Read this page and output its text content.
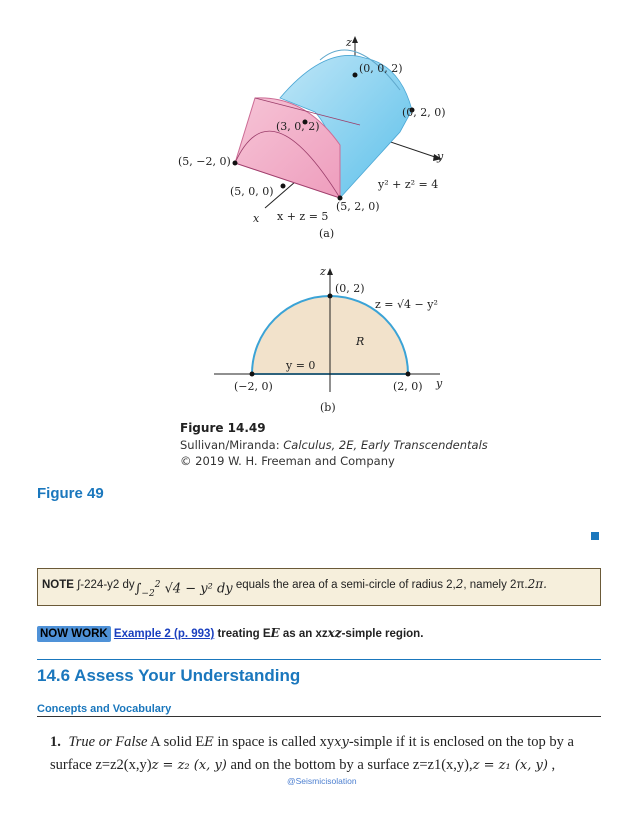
z
(0, 0, 2)
(0, 2, 0)
(3, 0, 2)
y
(5, −2, 0)
(5, 0, 0)
y² + z² = 4
(5, 2, 0)
x x + z = 5
(a)
z
(0, 2)
z = √4 − y²
R
y = 0
(−2, 0)	(2, 0) y
(b)
Figure 14.49
Sullivan/Miranda: Calculus, 2E, Early Transcendentals
© 2019 W. H. Freeman and Company
Figure 49
NOTE ∫-224-y2 $dy\int_{-2}^2$ √4 − y² dy equals the area of a semi-circle of radius 2,2, namely 2π.2π.
NOW WORK Example 2 (p. 993) treating EE as an xzxz-simple region.
14.6 Assess Your Understanding
Concepts and Vocabulary
1. True or False A solid EE in space is called xyxy-simple if it is enclosed on the top by a surface z=z2(x,y)z = z₂ (x, y) and on the bottom by a surface z=z1(x,y),z = z₁ (x, y) ,
@Seismicisolation
